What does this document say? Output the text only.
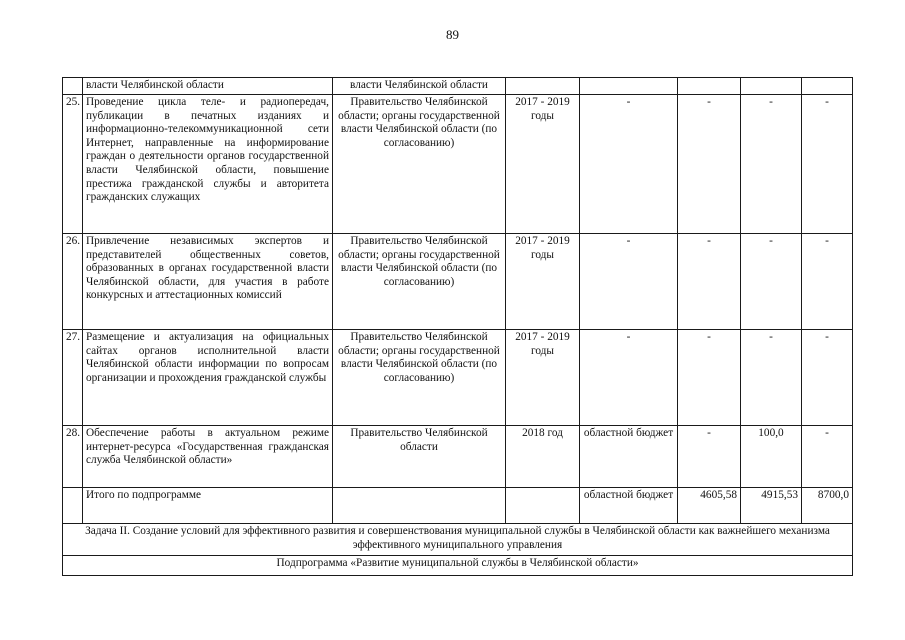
89
	власти Челябинской области	власти Челябинской области					
25.	Проведение цикла теле- и радиопередач, публикации в печатных изданиях и информационно-телекоммуникационной сети Интернет, направленные на информирование граждан о деятельности органов государственной власти Челябинской области, повышение престижа гражданской службы и авторитета гражданских служащих	Правительство Челябинской области; органы государственной власти Челябинской области (по согласованию)	2017 - 2019 годы	-	-	-	-
26.	Привлечение независимых экспертов и представителей общественных советов, образованных в органах государственной власти Челябинской области, для участия в работе конкурсных и аттестационных комиссий	Правительство Челябинской области; органы государственной власти Челябинской области (по согласованию)	2017 - 2019 годы	-	-	-	-
27.	Размещение и актуализация на официальных сайтах органов исполнительной власти Челябинской области информации по вопросам организации и прохождения гражданской службы	Правительство Челябинской области; органы государственной власти Челябинской области (по согласованию)	2017 - 2019 годы	-	-	-	-
28.	Обеспечение работы в актуальном режиме интернет-ресурса «Государственная гражданская служба Челябинской области»	Правительство Челябинской области	2018 год	областной бюджет	-	100,0	-
	Итого по подпрограмме			областной бюджет	4605,58	4915,53	8700,0
Задача II. Создание условий для эффективного развития и совершенствования муниципальной службы в Челябинской области как важнейшего механизма эффективного муниципального управления							
Подпрограмма «Развитие муниципальной службы в Челябинской области»							
